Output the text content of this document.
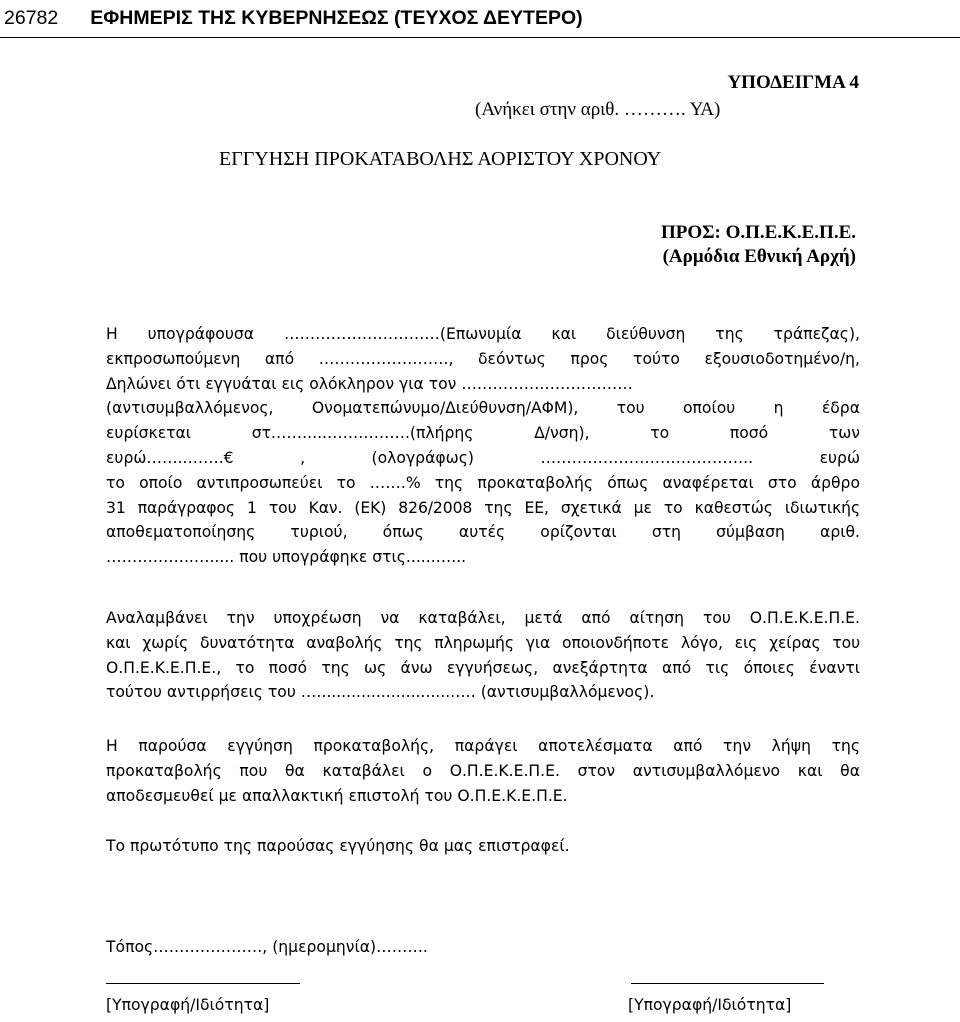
26782 ΕΦΗΜΕΡΙΣ ΤΗΣ ΚΥΒΕΡΝΗΣΕΩΣ (ΤΕΥΧΟΣ ΔΕΥΤΕΡΟ)
ΥΠΟΔΕΙΓΜΑ 4
(Ανήκει στην αριθ. ………. ΥΑ)
ΕΓΓΥΗΣΗ ΠΡΟΚΑΤΑΒΟΛΗΣ ΑΟΡΙΣΤΟΥ ΧΡΟΝΟΥ
ΠΡΟΣ: Ο.Π.Ε.Κ.Ε.Π.Ε.
(Αρμόδια Εθνική Αρχή)
Η υπογράφουσα …………………………(Επωνυμία και διεύθυνση της τράπεζας),
εκπροσωπούμενη από ……………………., δεόντως προς τούτο εξουσιοδοτημένο/η,
Δηλώνει ότι εγγυάται εις ολόκληρον για τον ……………………………
(αντισυμβαλλόμενος, Ονοματεπώνυμο/Διεύθυνση/ΑΦΜ), του οποίου η έδρα
ευρίσκεται στ.……....…………….(πλήρης Δ/νση), το ποσό των
ευρώ……..…….€ , (ολογράφως) ………………………………….. ευρώ
το οποίο αντιπροσωπεύει το …….% της προκαταβολής όπως αναφέρεται στο άρθρο
31 παράγραφος 1 του Καν. (ΕΚ) 826/2008 της ΕΕ, σχετικά με το καθεστώς ιδιωτικής
αποθεματοποίησης τυριού, όπως αυτές ορίζονται στη σύμβαση αριθ.
……………..…..... που υπογράφηκε στις......…...
Αναλαμβάνει την υποχρέωση να καταβάλει, μετά από αίτηση του Ο.Π.Ε.Κ.Ε.Π.Ε.
και χωρίς δυνατότητα αναβολής της πληρωμής για οποιονδήποτε λόγο, εις χείρας του
Ο.Π.Ε.Κ.Ε.Π.Ε., το ποσό της ως άνω εγγυήσεως, ανεξάρτητα από τις όποιες έναντι
τούτου αντιρρήσεις του …............................…. (αντισυμβαλλόμενος).
Η παρούσα εγγύηση προκαταβολής, παράγει αποτελέσματα από την λήψη της
προκαταβολής που θα καταβάλει ο Ο.Π.Ε.Κ.Ε.Π.Ε. στον αντισυμβαλλόμενο και θα
αποδεσμευθεί με απαλλακτική επιστολή του Ο.Π.Ε.Κ.Ε.Π.Ε.
Το πρωτότυπο της παρούσας εγγύησης θα μας επιστραφεί.
Τόπος…………………, (ημερομηνία)……….
[Υπογραφή/Ιδιότητα]	[Υπογραφή/Ιδιότητα]
